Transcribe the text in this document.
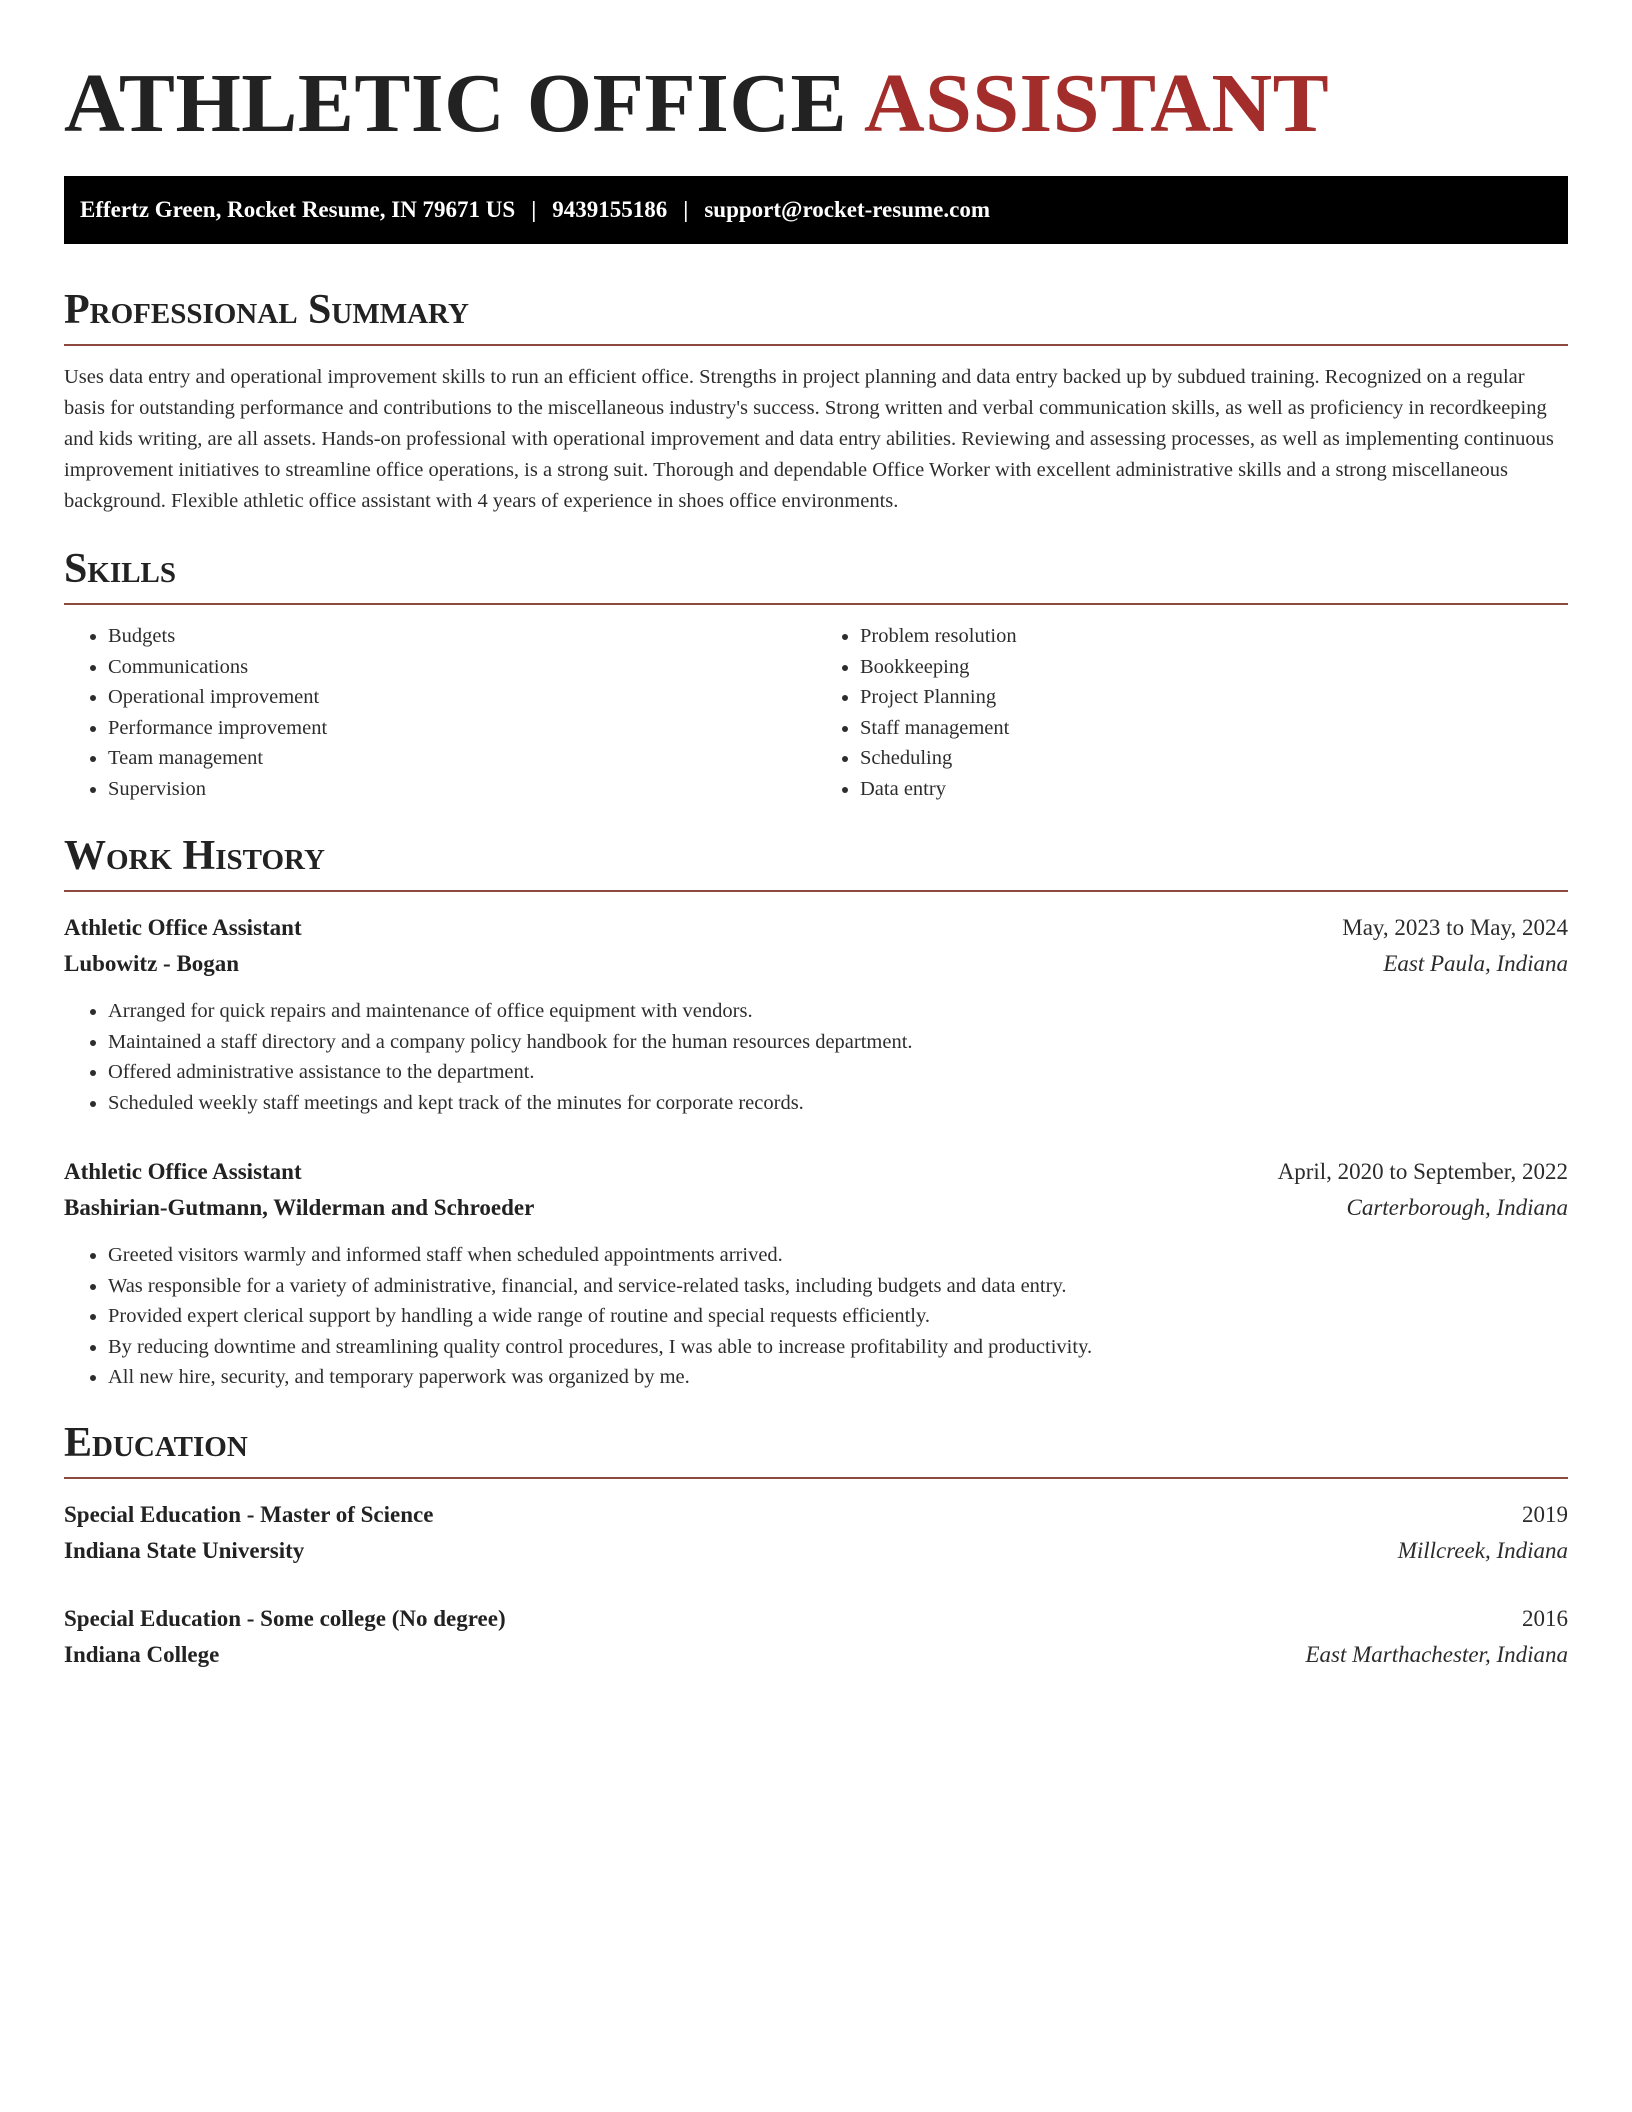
ATHLETIC OFFICE ASSISTANT
Effertz Green, Rocket Resume, IN 79671 US | 9439155186 | support@rocket-resume.com
Professional Summary

Uses data entry and operational improvement skills to run an efficient office. Strengths in project planning and data entry backed up by subdued training. Recognized on a regular basis for outstanding performance and contributions to the miscellaneous industry's success. Strong written and verbal communication skills, as well as proficiency in recordkeeping and kids writing, are all assets. Hands-on professional with operational improvement and data entry abilities. Reviewing and assessing processes, as well as implementing continuous improvement initiatives to streamline office operations, is a strong suit. Thorough and dependable Office Worker with excellent administrative skills and a strong miscellaneous background. Flexible athletic office assistant with 4 years of experience in shoes office environments.

Skills
• Budgets
• Communications
• Operational improvement
• Performance improvement
• Team management
• Supervision
• Problem resolution
• Bookkeeping
• Project Planning
• Staff management
• Scheduling
• Data entry
Work History
Athletic Office Assistant	May, 2023 to May, 2024
Lubowitz - Bogan	East Paula, Indiana
• Arranged for quick repairs and maintenance of office equipment with vendors.
• Maintained a staff directory and a company policy handbook for the human resources department.
• Offered administrative assistance to the department.
• Scheduled weekly staff meetings and kept track of the minutes for corporate records.
Athletic Office Assistant	April, 2020 to September, 2022
Bashirian-Gutmann, Wilderman and Schroeder	Carterborough, Indiana
• Greeted visitors warmly and informed staff when scheduled appointments arrived.
• Was responsible for a variety of administrative, financial, and service-related tasks, including budgets and data entry.
• Provided expert clerical support by handling a wide range of routine and special requests efficiently.
• By reducing downtime and streamlining quality control procedures, I was able to increase profitability and productivity.
• All new hire, security, and temporary paperwork was organized by me.
Education
Special Education - Master of Science	2019
Indiana State University	Millcreek, Indiana
Special Education - Some college (No degree)	2016
Indiana College	East Marthachester, Indiana
